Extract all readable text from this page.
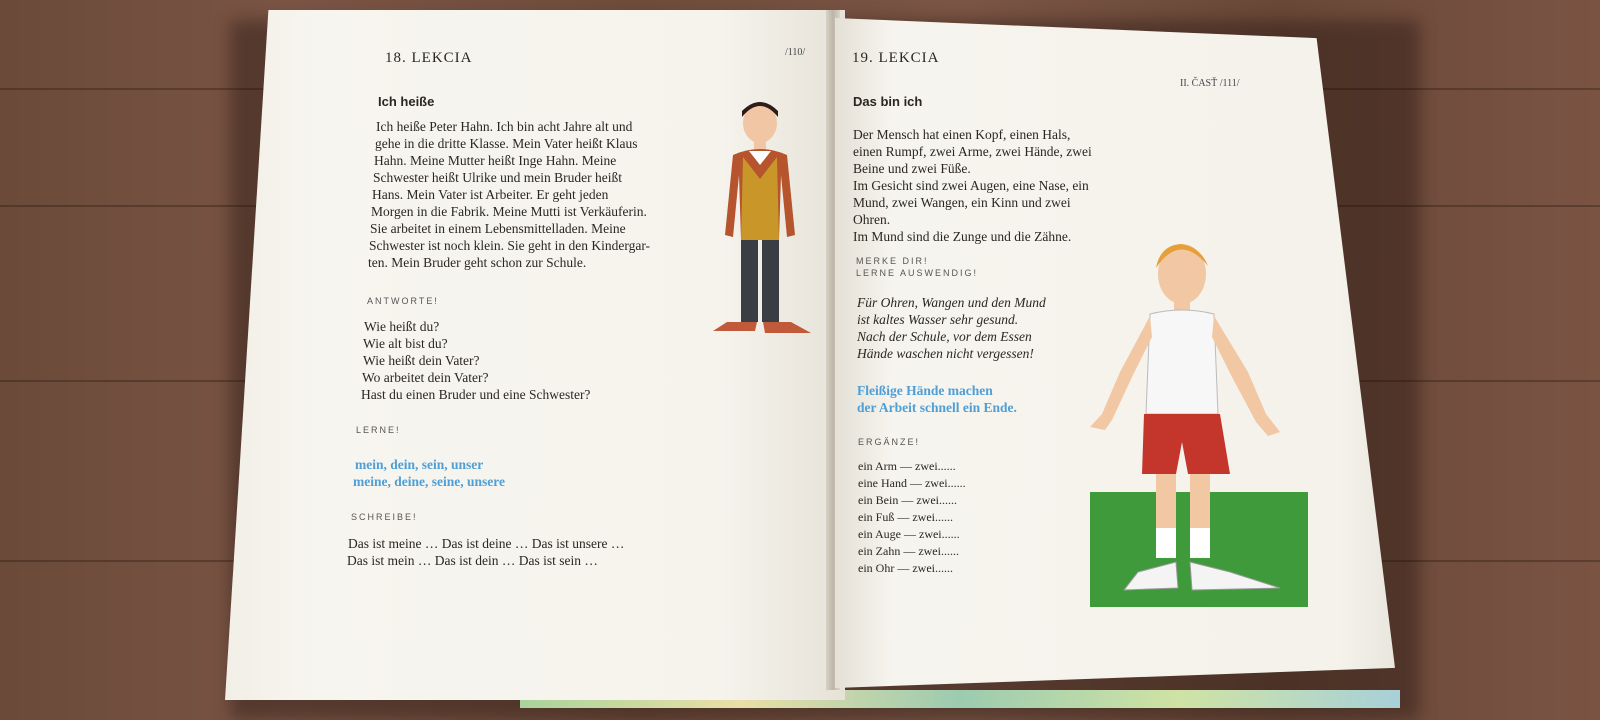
18. LEKCIA	/110/
Ich heiße
Ich heiße Peter Hahn. Ich bin acht Jahre alt und
gehe in die dritte Klasse. Mein Vater heißt Klaus
Hahn. Meine Mutter heißt Inge Hahn. Meine
Schwester heißt Ulrike und mein Bruder heißt
Hans. Mein Vater ist Arbeiter. Er geht jeden
Morgen in die Fabrik. Meine Mutti ist Verkäuferin.
Sie arbeitet in einem Lebensmittelladen. Meine
Schwester ist noch klein. Sie geht in den Kindergar-
ten. Mein Bruder geht schon zur Schule.
ANTWORTE!
Wie heißt du?
Wie alt bist du?
Wie heißt dein Vater?
Wo arbeitet dein Vater?
Hast du einen Bruder und eine Schwester?
LERNE!
mein, dein, sein, unser
meine, deine, seine, unsere
SCHREIBE!
Das ist meine … Das ist deine … Das ist unsere …
Das ist mein … Das ist dein … Das ist sein …
19. LEKCIA
II. ČASŤ /111/
Das bin ich
Der Mensch hat einen Kopf, einen Hals,
einen Rumpf, zwei Arme, zwei Hände, zwei
Beine und zwei Füße.
Im Gesicht sind zwei Augen, eine Nase, ein
Mund, zwei Wangen, ein Kinn und zwei
Ohren.
Im Mund sind die Zunge und die Zähne.
MERKE DIR!
LERNE AUSWENDIG!
Für Ohren, Wangen und den Mund
ist kaltes Wasser sehr gesund.
Nach der Schule, vor dem Essen
Hände waschen nicht vergessen!
Fleißige Hände machen
der Arbeit schnell ein Ende.
ERGÄNZE!
ein Arm — zwei......
eine Hand — zwei......
ein Bein — zwei......
ein Fuß — zwei......
ein Auge — zwei......
ein Zahn — zwei......
ein Ohr — zwei......
